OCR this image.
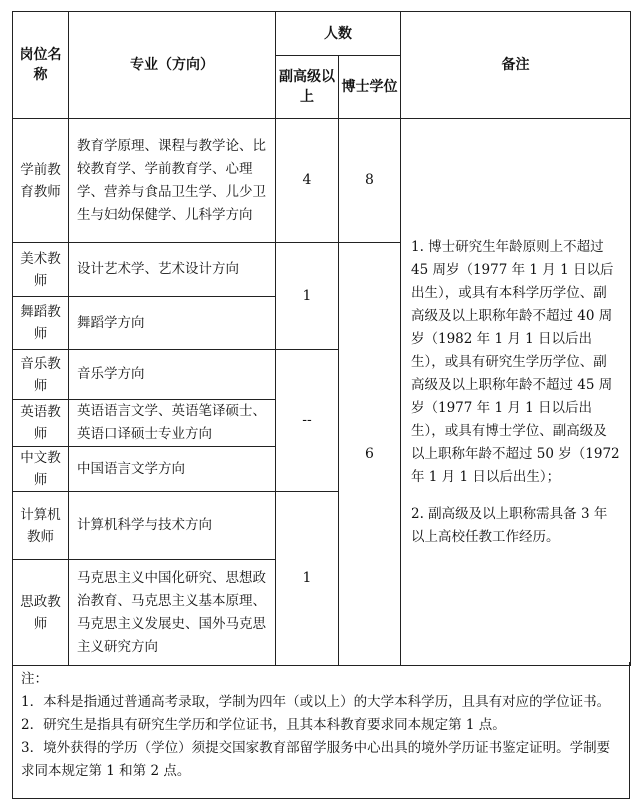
岗位名称	专业（方向）	人数		备注
		副高级以上	博士学位	
学前教育教师	教育学原理、课程与教学论、比较教育学、学前教育学、心理学、营养与食品卫生学、儿少卫生与妇幼保健学、儿科学方向	4	8	1. 博士研究生年龄原则上不超过 45 周岁（1977 年 1 月 1 日以后出生），或具有本科学历学位、副高级及以上职称年龄不超过 40 周岁（1982 年 1 月 1 日以后出生），或具有研究生学历学位、副高级及以上职称年龄不超过 45 周岁（1977 年 1 月 1 日以后出生），或具有博士学位、副高级及以上职称年龄不超过 50 岁（1972 年 1 月 1 日以后出生）；

2. 副高级及以上职称需具备 3 年以上高校任教工作经历。

美术教师	设计艺术学、艺术设计方向	1	6	
舞蹈教师	舞蹈学方向			
音乐教师	音乐学方向	--		
英语教师	英语语言文学、英语笔译硕士、英语口译硕士专业方向			
中文教师	中国语言文学方向			
计算机教师	计算机科学与技术方向	1		
思政教师	马克思主义中国化研究、思想政治教育、马克思主义基本原理、马克思主义发展史、国外马克思主义研究方向			

注：

1．本科是指通过普通高考录取，学制为四年（或以上）的大学本科学历，且具有对应的学位证书。

2．研究生是指具有研究生学历和学位证书，且其本科教育要求同本规定第 1 点。

3．境外获得的学历（学位）须提交国家教育部留学服务中心出具的境外学历证书鉴定证明。学制要求同本规定第 1 和第 2 点。
